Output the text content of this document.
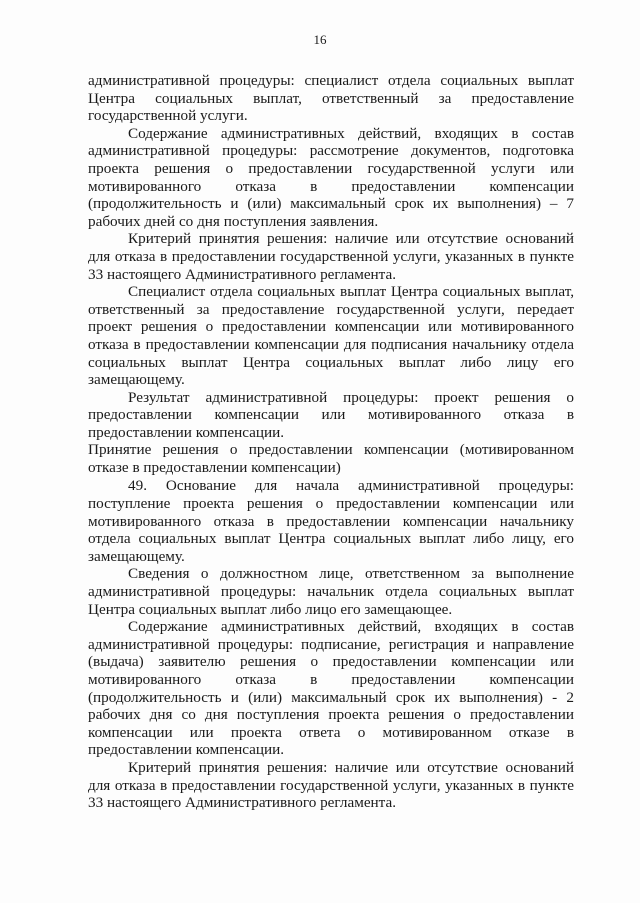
16

административной процедуры: специалист отдела социальных выплат Центра социальных выплат, ответственный за предоставление государственной услуги.

Содержание административных действий, входящих в состав административной процедуры: рассмотрение документов, подготовка проекта решения о предоставлении государственной услуги или мотивированного отказа в предоставлении компенсации (продолжительность и (или) максимальный срок их выполнения) – 7 рабочих дней со дня поступления заявления.

Критерий принятия решения: наличие или отсутствие оснований для отказа в предоставлении государственной услуги, указанных в пункте 33 настоящего Административного регламента.

Специалист отдела социальных выплат Центра социальных выплат, ответственный за предоставление государственной услуги, передает проект решения о предоставлении компенсации или мотивированного отказа в предоставлении компенсации для подписания начальнику отдела социальных выплат Центра социальных выплат либо лицу его замещающему.

Результат административной процедуры: проект решения о предоставлении компенсации или мотивированного отказа в предоставлении компенсации.

Принятие решения о предоставлении компенсации (мотивированном отказе в предоставлении компенсации)

49. Основание для начала административной процедуры: поступление проекта решения о предоставлении компенсации или мотивированного отказа в предоставлении компенсации начальнику отдела социальных выплат Центра социальных выплат либо лицу, его замещающему.

Сведения о должностном лице, ответственном за выполнение административной процедуры: начальник отдела социальных выплат Центра социальных выплат либо лицо его замещающее.

Содержание административных действий, входящих в состав административной процедуры: подписание, регистрация и направление (выдача) заявителю решения о предоставлении компенсации или мотивированного отказа в предоставлении компенсации (продолжительность и (или) максимальный срок их выполнения) - 2 рабочих дня со дня поступления проекта решения о предоставлении компенсации или проекта ответа о мотивированном отказе в предоставлении компенсации.

Критерий принятия решения: наличие или отсутствие оснований для отказа в предоставлении государственной услуги, указанных в пункте 33 настоящего Административного регламента.
